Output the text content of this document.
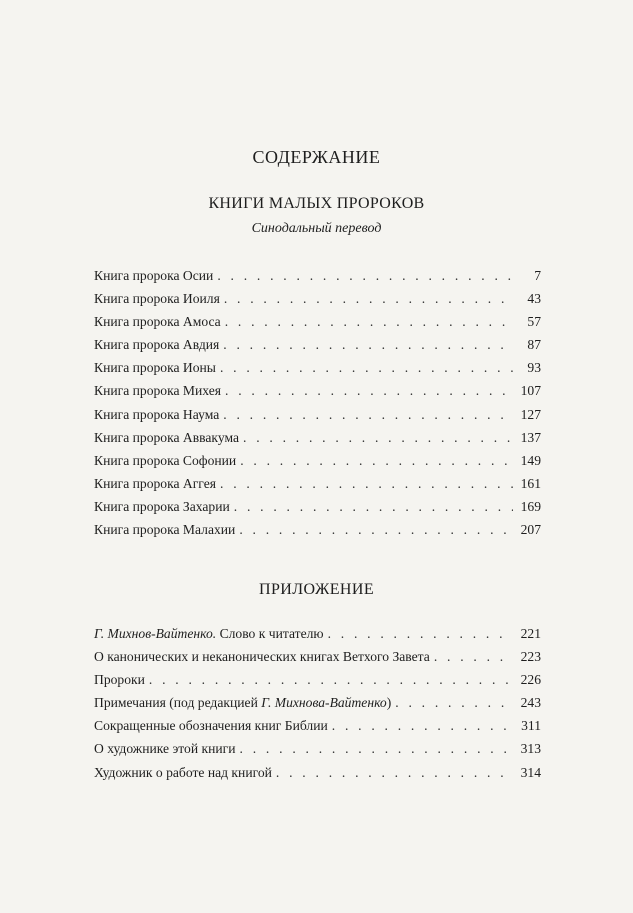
СОДЕРЖАНИЕ
КНИГИ МАЛЫХ ПРОРОКОВ
Синодальный перевод
Книга пророка Осии . . .	7
Книга пророка Иоиля . . .	43
Книга пророка Амоса . . .	57
Книга пророка Авдия . . .	87
Книга пророка Ионы . . .	93
Книга пророка Михея . . .	107
Книга пророка Наума . . .	127
Книга пророка Аввакума . . .	137
Книга пророка Софонии . . .	149
Книга пророка Аггея . . .	161
Книга пророка Захарии . . .	169
Книга пророка Малахии . . .	207
ПРИЛОЖЕНИЕ
Г. Михнов-Вайтенко. Слово к читателю . . .	221
О канонических и неканонических книгах Ветхого Завета . . .	223
Пророки . . .	226
Примечания (под редакцией Г. Михнова-Вайтенко) . . .	243
Сокращенные обозначения книг Библии . . .	311
О художнике этой книги . . .	313
Художник о работе над книгой . . .	314
